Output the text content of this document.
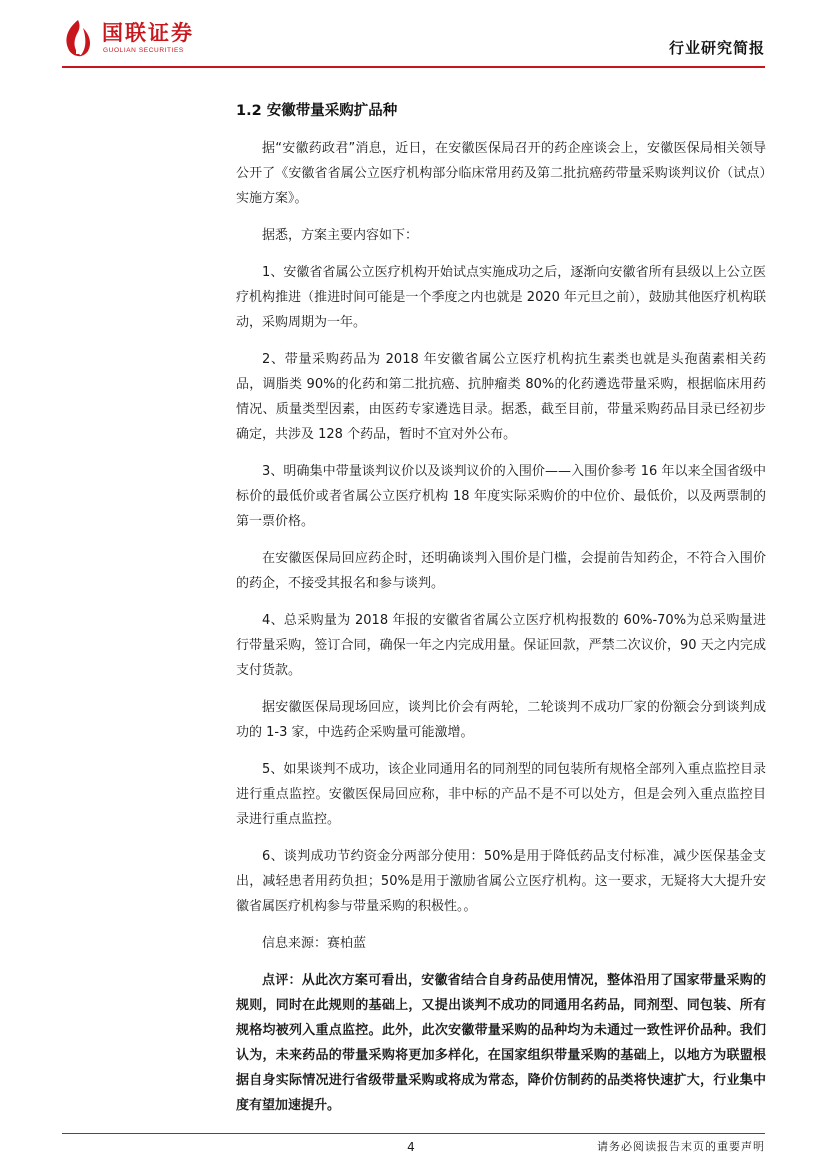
国联证券
GUOLIAN SECURITIES	行业研究简报
1.2 安徽带量采购扩品种

据“安徽药政君”消息，近日，在安徽医保局召开的药企座谈会上，安徽医保局相关领导公开了《安徽省省属公立医疗机构部分临床常用药及第二批抗癌药带量采购谈判议价（试点）实施方案》。

据悉，方案主要内容如下：

1、安徽省省属公立医疗机构开始试点实施成功之后，逐渐向安徽省所有县级以上公立医疗机构推进（推进时间可能是一个季度之内也就是 2020 年元旦之前），鼓励其他医疗机构联动，采购周期为一年。

2、带量采购药品为 2018 年安徽省属公立医疗机构抗生素类也就是头孢菌素相关药品，调脂类 90%的化药和第二批抗癌、抗肿瘤类 80%的化药遴选带量采购，根据临床用药情况、质量类型因素，由医药专家遴选目录。据悉，截至目前，带量采购药品目录已经初步确定，共涉及 128 个药品，暂时不宜对外公布。

3、明确集中带量谈判议价以及谈判议价的入围价——入围价参考 16 年以来全国省级中标价的最低价或者省属公立医疗机构 18 年度实际采购价的中位价、最低价，以及两票制的第一票价格。

在安徽医保局回应药企时，还明确谈判入围价是门槛，会提前告知药企，不符合入围价的药企，不接受其报名和参与谈判。

4、总采购量为 2018 年报的安徽省省属公立医疗机构报数的 60%-70%为总采购量进行带量采购，签订合同，确保一年之内完成用量。保证回款，严禁二次议价，90 天之内完成支付货款。

据安徽医保局现场回应，谈判比价会有两轮，二轮谈判不成功厂家的份额会分到谈判成功的 1-3 家，中选药企采购量可能激增。

5、如果谈判不成功，该企业同通用名的同剂型的同包装所有规格全部列入重点监控目录进行重点监控。安徽医保局回应称，非中标的产品不是不可以处方，但是会列入重点监控目录进行重点监控。

6、谈判成功节约资金分两部分使用：50%是用于降低药品支付标准，减少医保基金支出，减轻患者用药负担；50%是用于激励省属公立医疗机构。这一要求，无疑将大大提升安徽省属医疗机构参与带量采购的积极性。。

信息来源：赛柏蓝

点评：从此次方案可看出，安徽省结合自身药品使用情况，整体沿用了国家带量采购的规则，同时在此规则的基础上，又提出谈判不成功的同通用名药品，同剂型、同包装、所有规格均被列入重点监控。此外，此次安徽带量采购的品种均为未通过一致性评价品种。我们认为，未来药品的带量采购将更加多样化，在国家组织带量采购的基础上，以地方为联盟根据自身实际情况进行省级带量采购或将成为常态，降价仿制药的品类将快速扩大，行业集中度有望加速提升。

4	请务必阅读报告末页的重要声明
